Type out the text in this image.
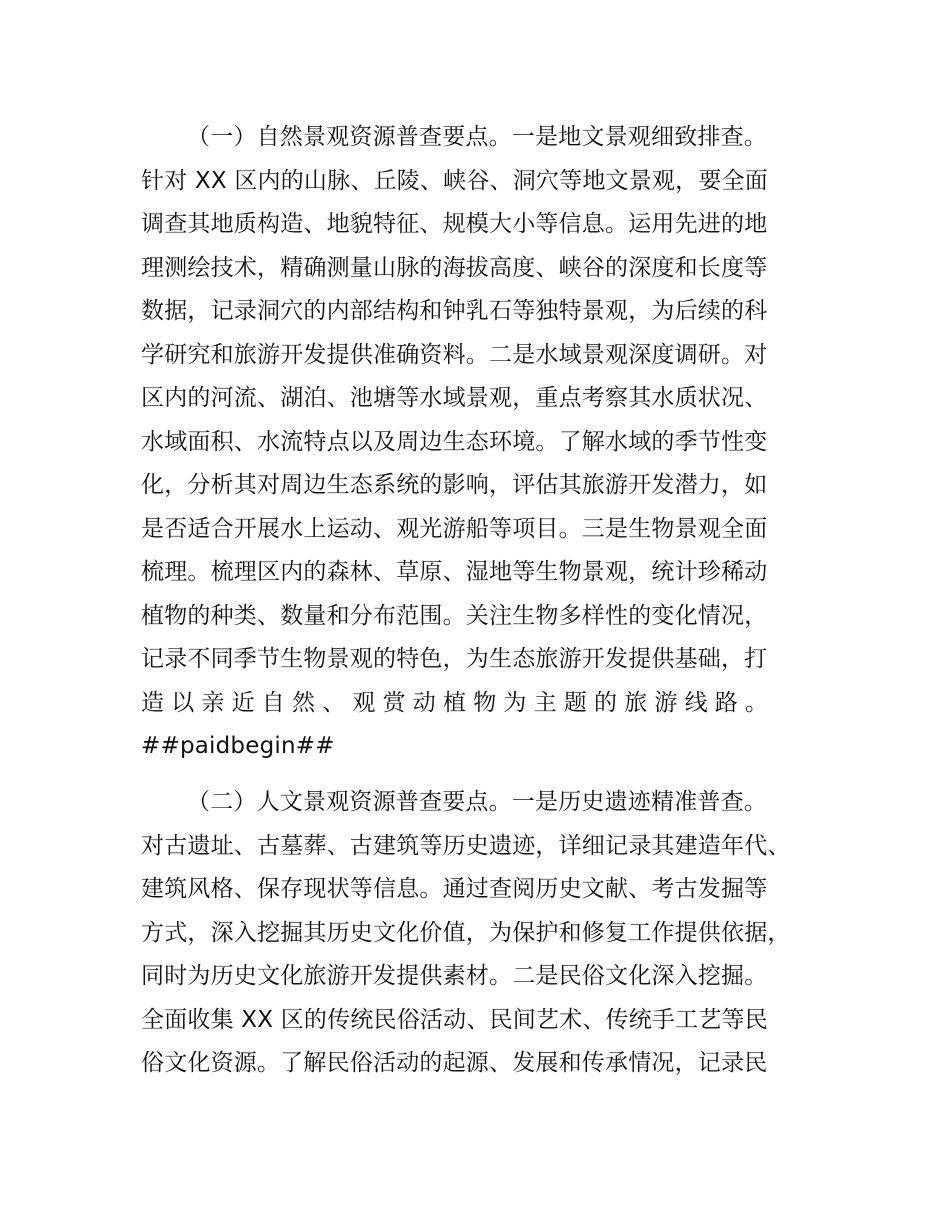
（一）自然景观资源普查要点。一是地文景观细致排查。
针对 XX 区内的山脉、丘陵、峡谷、洞穴等地文景观，要全面
调查其地质构造、地貌特征、规模大小等信息。运用先进的地
理测绘技术，精确测量山脉的海拔高度、峡谷的深度和长度等
数据，记录洞穴的内部结构和钟乳石等独特景观，为后续的科
学研究和旅游开发提供准确资料。二是水域景观深度调研。对
区内的河流、湖泊、池塘等水域景观，重点考察其水质状况、
水域面积、水流特点以及周边生态环境。了解水域的季节性变
化，分析其对周边生态系统的影响，评估其旅游开发潜力，如
是否适合开展水上运动、观光游船等项目。三是生物景观全面
梳理。梳理区内的森林、草原、湿地等生物景观，统计珍稀动
植物的种类、数量和分布范围。关注生物多样性的变化情况，
记录不同季节生物景观的特色，为生态旅游开发提供基础，打
造以亲近自然、观赏动植物为主题的旅游线路。
##paidbegin##
（二）人文景观资源普查要点。一是历史遗迹精准普查。
对古遗址、古墓葬、古建筑等历史遗迹，详细记录其建造年代、
建筑风格、保存现状等信息。通过查阅历史文献、考古发掘等
方式，深入挖掘其历史文化价值，为保护和修复工作提供依据，
同时为历史文化旅游开发提供素材。二是民俗文化深入挖掘。
全面收集 XX 区的传统民俗活动、民间艺术、传统手工艺等民
俗文化资源。了解民俗活动的起源、发展和传承情况，记录民
